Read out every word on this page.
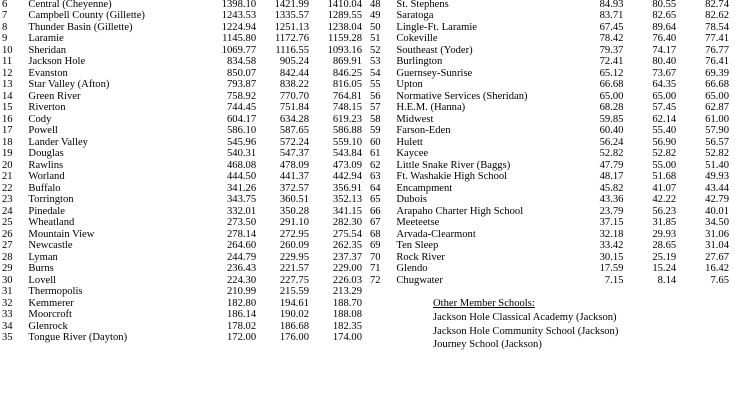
6	Central (Cheyenne)	1398.10	1421.99	1410.04
7	Campbell County (Gillette)	1243.53	1335.57	1289.55
8	Thunder Basin (Gillette)	1224.94	1251.13	1238.04
9	Laramie	1145.80	1172.76	1159.28
10	Sheridan	1069.77	1116.55	1093.16
11	Jackson Hole	834.58	905.24	869.91
12	Evanston	850.07	842.44	846.25
13	Star Valley (Afton)	793.87	838.22	816.05
14	Green River	758.92	770.70	764.81
15	Riverton	744.45	751.84	748.15
16	Cody	604.17	634.28	619.23
17	Powell	586.10	587.65	586.88
18	Lander Valley	545.96	572.24	559.10
19	Douglas	540.31	547.37	543.84
20	Rawlins	468.08	478.09	473.09
21	Worland	444.50	441.37	442.94
22	Buffalo	341.26	372.57	356.91
23	Torrington	343.75	360.51	352.13
24	Pinedale	332.01	350.28	341.15
25	Wheatland	273.50	291.10	282.30
26	Mountain View	278.14	272.95	275.54
27	Newcastle	264.60	260.09	262.35
28	Lyman	244.79	229.95	237.37
29	Burns	236.43	221.57	229.00
30	Lovell	224.30	227.75	226.03
31	Thermopolis	210.99	215.59	213.29
32	Kemmerer	182.80	194.61	188.70
33	Moorcroft	186.14	190.02	188.08
34	Glenrock	178.02	186.68	182.35
35	Tongue River (Dayton)	172.00	176.00	174.00
48	St. Stephens	84.93	80.55	82.74
49	Saratoga	83.71	82.65	82.62
50	Lingle-Ft. Laramie	67.45	89.64	78.54
51	Cokeville	78.42	76.40	77.41
52	Southeast (Yoder)	79.37	74.17	76.77
53	Burlington	72.41	80.40	76.41
54	Guernsey-Sunrise	65.12	73.67	69.39
55	Upton	66.68	64.35	66.68
56	Normative Services (Sheridan)	65.00	65.00	65.00
57	H.E.M. (Hanna)	68.28	57.45	62.87
58	Midwest	59.85	62.14	61.00
59	Farson-Eden	60.40	55.40	57.90
60	Hulett	56.24	56.90	56.57
61	Kaycee	52.82	52.82	52.82
62	Little Snake River (Baggs)	47.79	55.00	51.40
63	Ft. Washakie High School	48.17	51.68	49.93
64	Encampment	45.82	41.07	43.44
65	Dubois	43.36	42.22	42.79
66	Arapaho Charter High School	23.79	56.23	40.01
67	Meeteetse	37.15	31.85	34.50
68	Arvada-Clearmont	32.18	29.93	31.06
69	Ten Sleep	33.42	28.65	31.04
70	Rock River	30.15	25.19	27.67
71	Glendo	17.59	15.24	16.42
72	Chugwater	7.15	8.14	7.65
Other Member Schools:
Jackson Hole Classical Academy (Jackson)
Jackson Hole Community School (Jackson)
Journey School (Jackson)
